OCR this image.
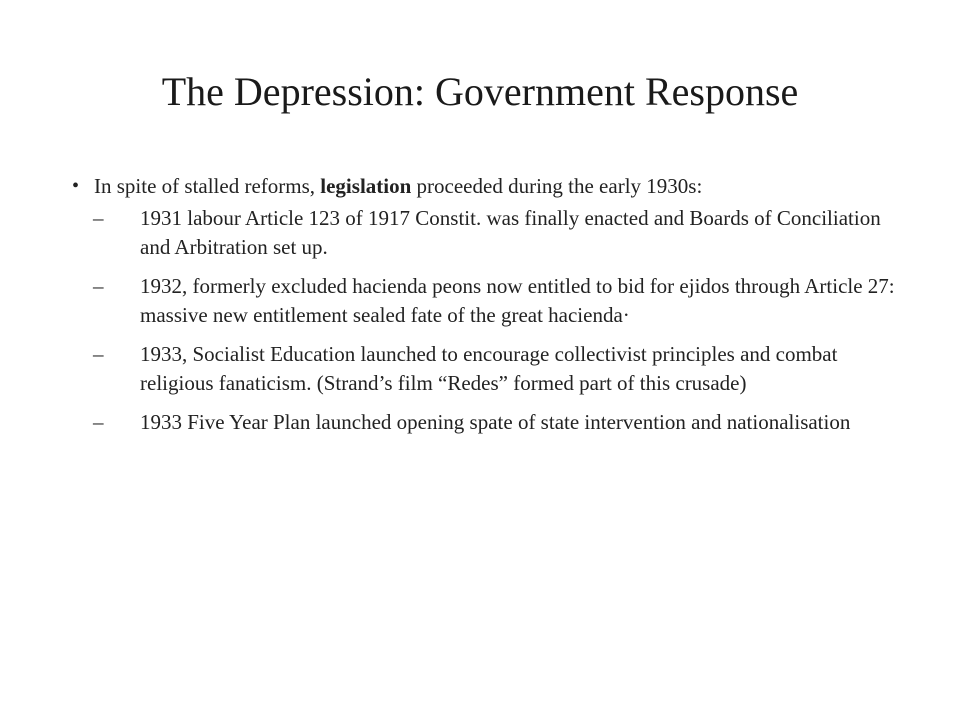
The Depression: Government Response
• In spite of stalled reforms, legislation proceeded during the early 1930s:
– 1931 labour Article 123 of 1917 Constit. was finally enacted and Boards of Conciliation and Arbitration set up.
– 1932, formerly excluded hacienda peons now entitled to bid for ejidos through Article 27: massive new entitlement sealed fate of the great hacienda·
– 1933, Socialist Education launched to encourage collectivist principles and combat religious fanaticism. (Strand’s film “Redes” formed part of this crusade)
– 1933 Five Year Plan launched opening spate of state intervention and nationalisation
